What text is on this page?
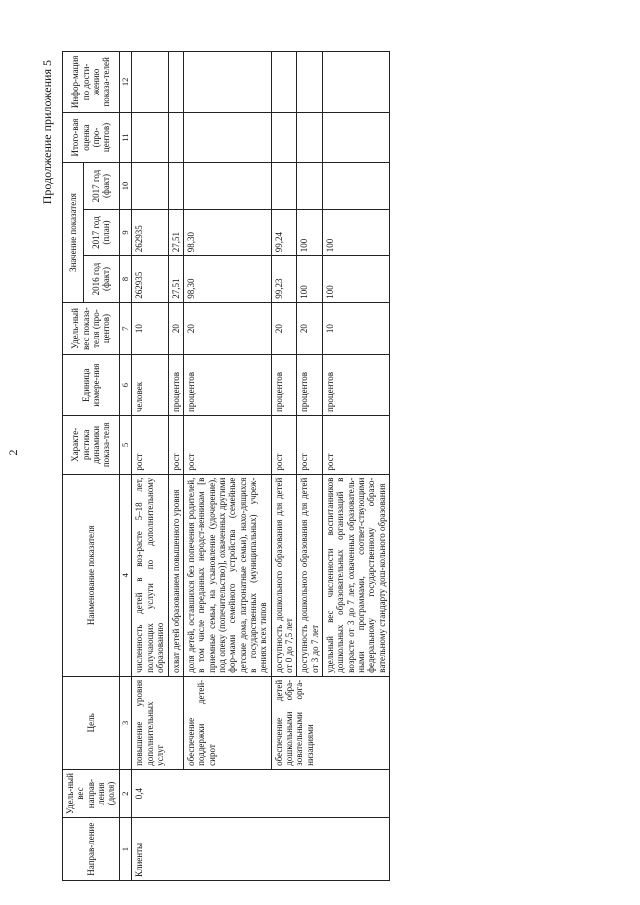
2
Продолжение приложения 5
Направ-ление	Удель-ный вес направ-ления (доля)	Цель	Наименование показателя	Характе-ристика динамики показа-теля	Единица измере-ния	Удель-ный вес показа-теля (про-центов)	Значение показателя			Итого-вая оценка (про-центов)	Инфор-мация по дости-жению показа-телей
							2016 год (факт)	2017 год (план)	2017 год (факт)		
1	2	3	4	5	6	7	8	9	10	11	12
Клиенты	0,4	повышение уровня дополнительных услуг	численность детей в воз-расте 5–18 лет, получающих услуги по дополнительному образованию	рост	человек	10	262935	262935			
			охват детей образованием повышенного уровня	рост	процентов	20	27,51	27,51			
		обеспечение поддержки детей-сирот	доля детей, оставшихся без попечения родителей, в том числе переданных неродст-венникам [в приемные семьи, на усыновление (удочерение), под опеку (попечительство)], охваченных другими фор-мами семейного устройства (семейные детские дома, патронатные семьи), нахо-дящихся в государственных (муниципальных) учреж-дениях всех типов	рост	процентов	20	98,30	98,30			
		обеспечение детей дошкольными обра-зовательными орга-низациями	доступность дошкольного образования для детей от 0 до 7,5 лет	рост	процентов	20	99,23	99,24			
			доступность дошкольного образования для детей от 3 до 7 лет	рост	процентов	20	100	100			
			удельный вес численности воспитанников дошкольных образовательных организаций в возрасте от 3 до 7 лет, охваченных образователь-ными программами, соответ-ствующими федеральному государственному образо-вательному стандарту дош-кольного образования	рост	процентов	10	100	100			
